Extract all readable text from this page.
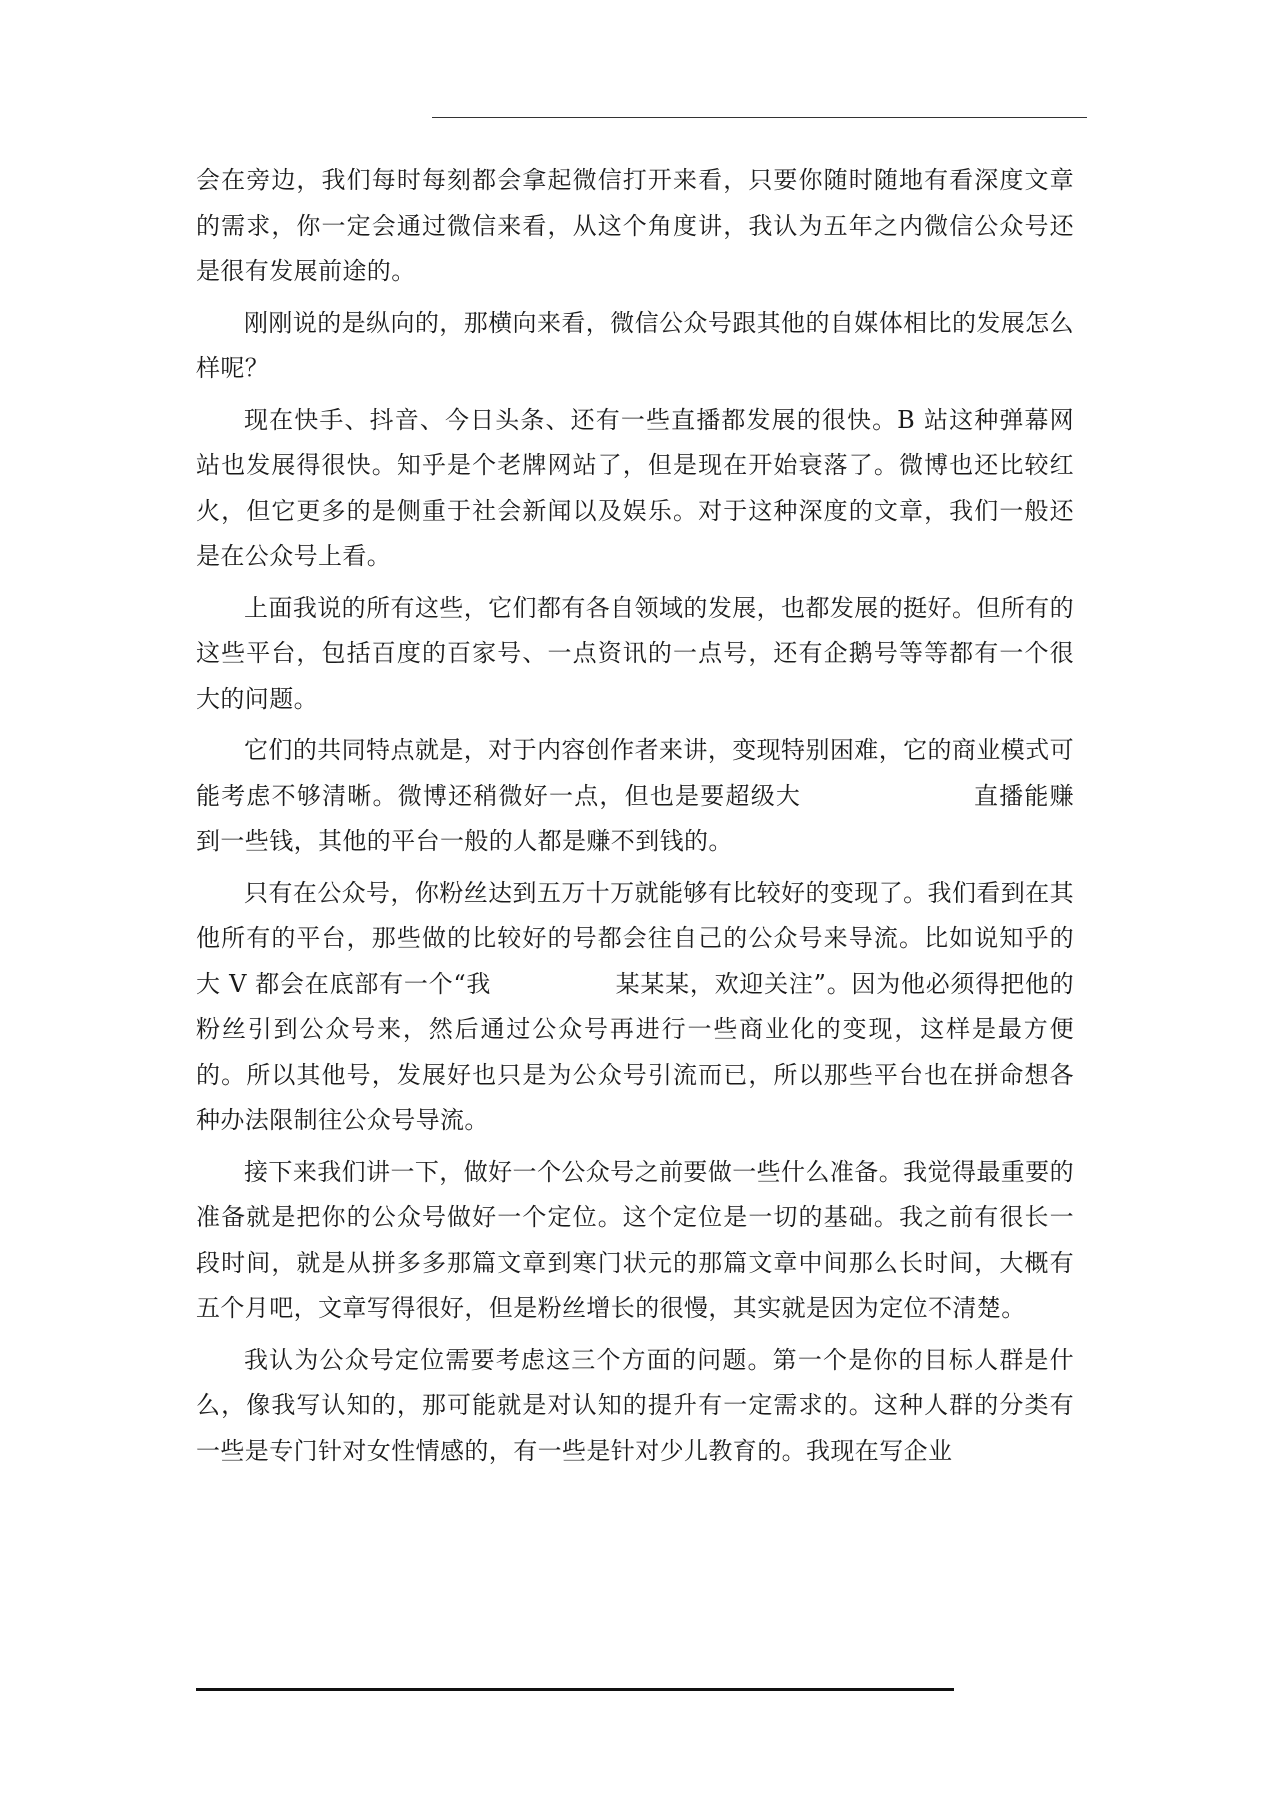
会在旁边，我们每时每刻都会拿起微信打开来看，只要你随时随地有看深度文章的需求，你一定会通过微信来看，从这个角度讲，我认为五年之内微信公众号还是很有发展前途的。

刚刚说的是纵向的，那横向来看，微信公众号跟其他的自媒体相比的发展怎么样呢？

现在快手、抖音、今日头条、还有一些直播都发展的很快。B 站这种弹幕网站也发展得很快。知乎是个老牌网站了，但是现在开始衰落了。微博也还比较红火，但它更多的是侧重于社会新闻以及娱乐。对于这种深度的文章，我们一般还是在公众号上看。

上面我说的所有这些，它们都有各自领域的发展，也都发展的挺好。但所有的这些平台，包括百度的百家号、一点资讯的一点号，还有企鹅号等等都有一个很大的问题。

它们的共同特点就是，对于内容创作者来讲，变现特别困难，它的商业模式可能考虑不够清晰。微博还稍微好一点，但也是要超级大	直播能赚到一些钱，其他的平台一般的人都是赚不到钱的。

只有在公众号，你粉丝达到五万十万就能够有比较好的变现了。我们看到在其他所有的平台，那些做的比较好的号都会往自己的公众号来导流。比如说知乎的大 V 都会在底部有一个“我	某某某，欢迎关注”。因为他必须得把他的粉丝引到公众号来，然后通过公众号再进行一些商业化的变现，这样是最方便的。所以其他号，发展好也只是为公众号引流而已，所以那些平台也在拼命想各种办法限制往公众号导流。

接下来我们讲一下，做好一个公众号之前要做一些什么准备。我觉得最重要的准备就是把你的公众号做好一个定位。这个定位是一切的基础。我之前有很长一段时间，就是从拼多多那篇文章到寒门状元的那篇文章中间那么长时间，大概有五个月吧，文章写得很好，但是粉丝增长的很慢，其实就是因为定位不清楚。

我认为公众号定位需要考虑这三个方面的问题。第一个是你的目标人群是什么，像我写认知的，那可能就是对认知的提升有一定需求的。这种人群的分类有一些是专门针对女性情感的，有一些是针对少儿教育的。我现在写企业
